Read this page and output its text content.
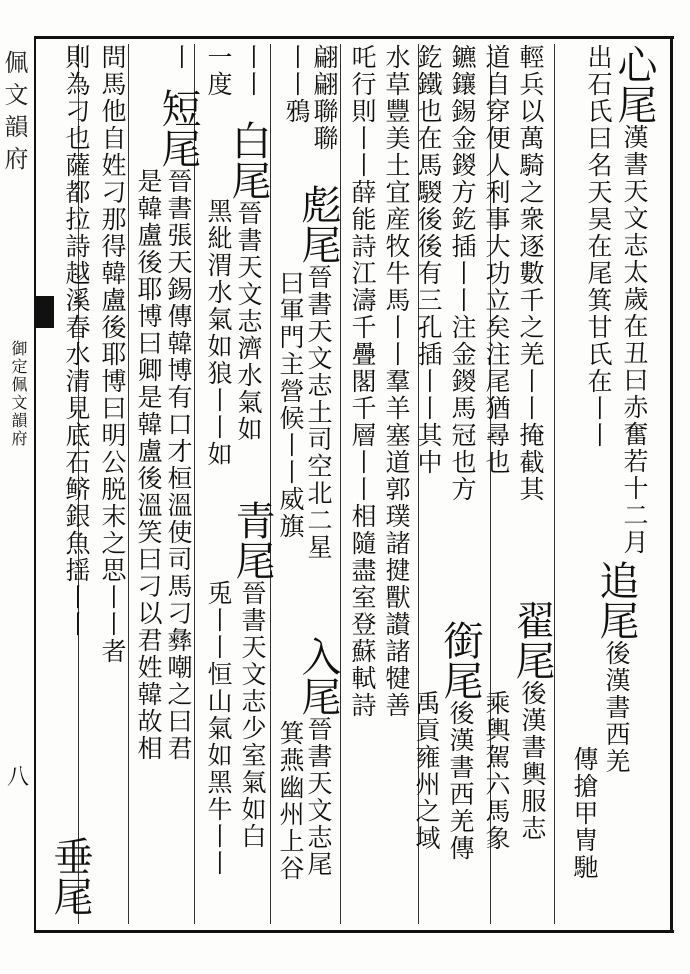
佩文韻府
御定佩文韻府
八
心尾漢書天文志太歲在丑曰赤奮若十二月
出石氏曰名天昊在尾箕甘氏在丨丨
追尾後漢書西羌
傳搶甲冑馳
輕兵以萬騎之衆逐數千之羌丨丨掩截其
道自穿便人利事大功立矣注尾猶尋也
翟尾後漢書輿服志
乘輿駕六馬象
鑣鑲錫金鍐方釳插丨丨注金鍐馬冠也方
釳鐵也在馬騣後後有三孔插丨丨其中
銜尾後漢書西羌傳
禹貢雍州之域
水草豐美土宜産牧牛馬丨丨羣羊塞道郭璞諸揵獸讃諸犍善
吒行則丨丨薛能詩江濤千疊閣千層丨丨相隨盡室登蘇軾詩
翩翩聯聯
彪尾晉書天文志土司空北二星
曰軍門主營候丨丨威旗
入尾晉書天文志尾
箕燕幽州上谷
丨丨鴉
丨丨
白尾晉書天文志濟水氣如
黑紕渭水氣如狼丨丨如
一度
青尾晉書天文志少室氣如白
兎丨丨恒山氣如黑牛丨丨
丨
短尾晉書張天錫傳韓博有口才桓溫使司馬刁彝嘲之曰君
是韓盧後耶博曰卿是韓盧後溫笑曰刁以君姓韓故相
問馬他自姓刁那得韓盧後耶博曰明公脱末之思丨丨者
則為刁也薩都拉詩越溪春水清見底石鲚銀魚揺丨丨
垂尾
